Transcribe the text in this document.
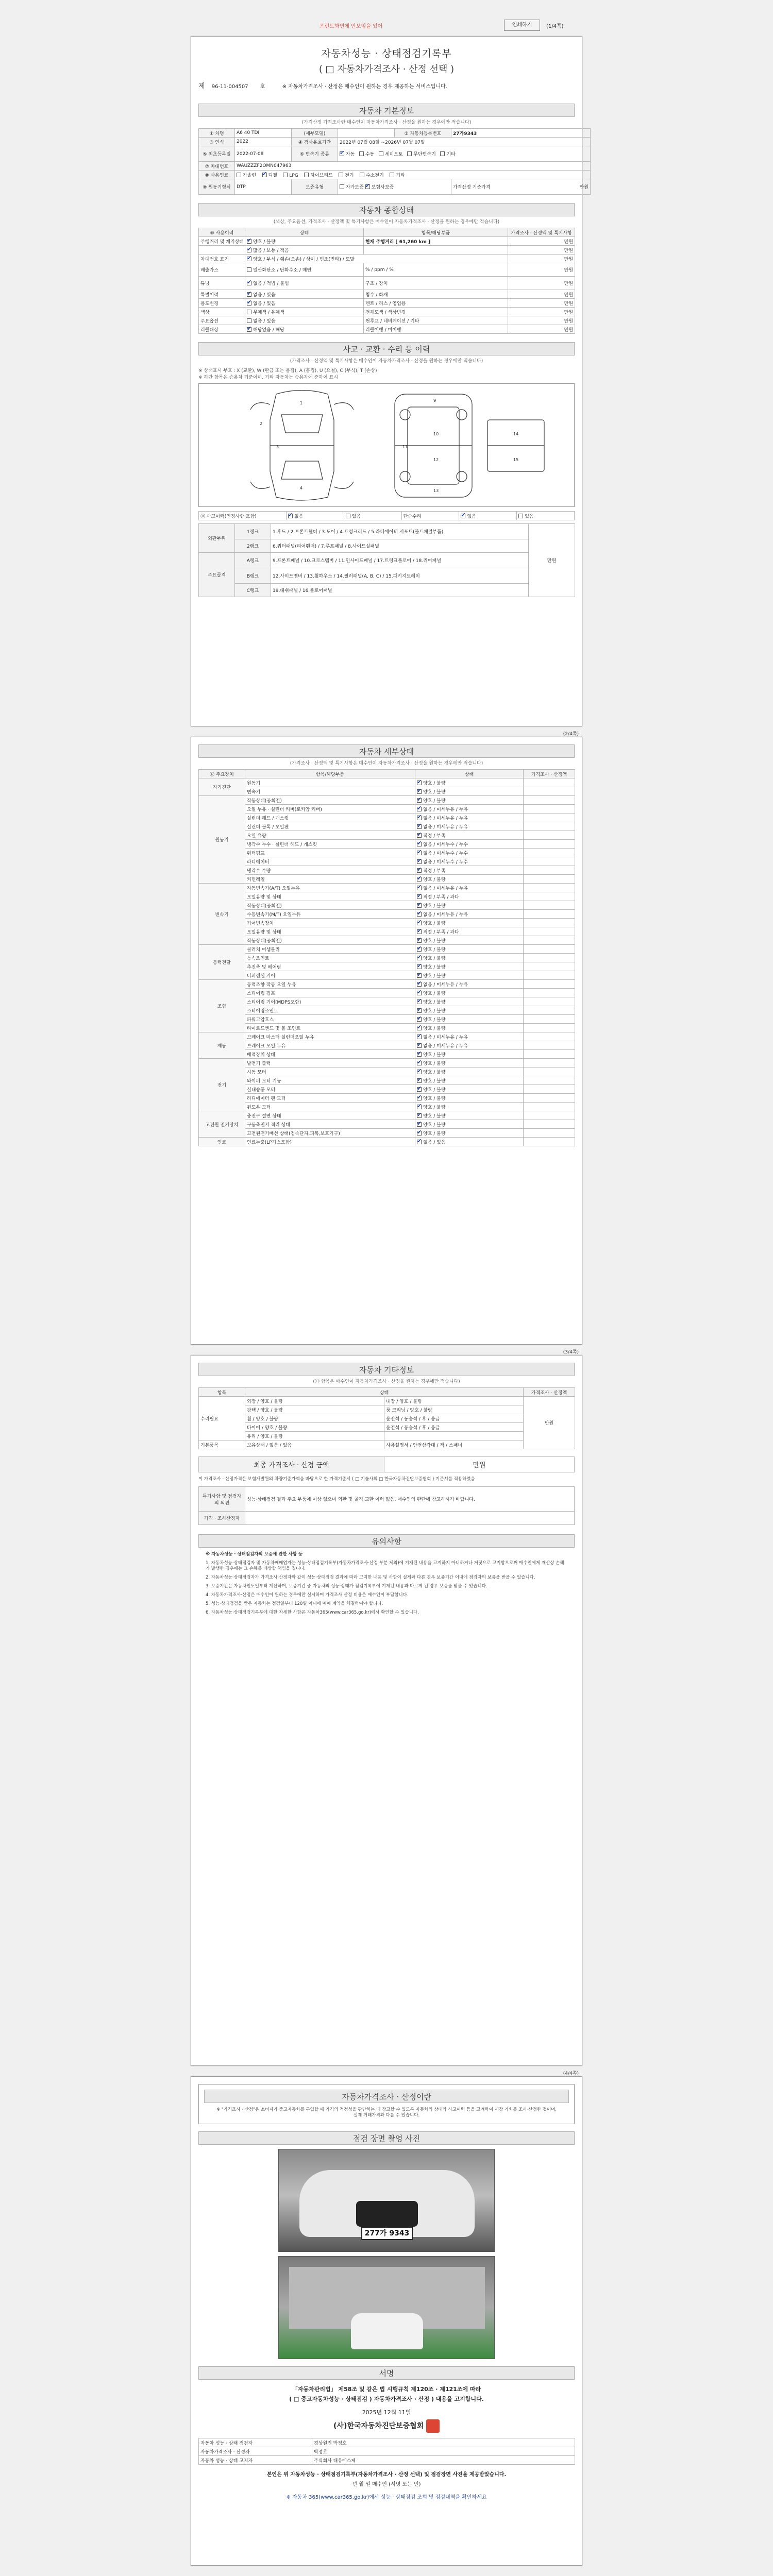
프린트화면에 안보임을 있어	인쇄하기	(1/4쪽)
자동차성능 · 상태점검기록부
( □ 자동차가격조사 · 산정 선택 )
제 96-11-004507 호	※ 자동차가격조사 · 산정은 매수인이 원하는 경우 제공하는 서비스입니다.
자동차 기본정보
(가격산정 가격조사란 매수인이 자동차가격조사 · 산정을 원하는 경우에만 적습니다)
① 차명	A6 40 TDI	(세부모델)		② 자동차등록번호	27가9343
③ 연식	2022	④ 검사유효기간	2022년 07월 08일 ~2026년 07월 07일		
⑤ 최초등록일	2022-07-08	⑥ 변속기 종류	✔자동 수동 세미오토 무단변속기 기타
⑦ 차대번호	WAUZZZF2OMN047963				
⑧ 사용연료	가솔린 ✔ 디젤 LPG 하이브리드 전기 수소전기 기타
⑨ 원동기형식	DTP	보증유형	자가보증 ✔ 보험사보증		가격산정 기준가격 만원
자동차 종합상태
(색상, 주요옵션, 가격조사 · 산정액 및 특기사항은 매수인이 자동차가격조사 · 산정을 원하는 경우에만 적습니다)
⑩ 사용이력	상태	항목/해당부품	가격조사 · 산정액 및 특기사항
주행거리 및 계기상태	✔양호 / 불량	현재 주행거리 [ 61,260 km ]	만원
	✔많음 / 보통 / 적음		만원
차대번호 표기	✔양호 / 부식 / 훼손(오손) / 상이 / 변조(변타) / 도말		만원
배출가스	일산화탄소 / 탄화수소 / 매연	% / ppm / %	만원
튜닝	✔없음 / 적법 / 불법	구조 / 장치	만원
특별이력	✔없음 / 있음	침수 / 화재	만원
용도변경	✔없음 / 있음	렌트 / 리스 / 영업용	만원
색상	무채색 / 유채색	전체도색 / 색상변경	만원
주요옵션	없음 / 있음	썬루프 / 네비게이션 / 기타	만원
리콜대상	✔해당없음 / 해당	리콜이행 / 미이행	만원
사고 · 교환 · 수리 등 이력
(가격조사 · 산정액 및 특기사항은 매수인이 자동차가격조사 · 산정을 원하는 경우에만 적습니다)
※ 상태표시 부호 : X (교환), W (판금 또는 용접), A (흠집), U (요철), C (부식), T (손상)
※ 하단 항목은 승용차 기준이며, 기타 자동차는 승용차에 준하여 표시
1
2
3
4
9
10
11
12
13
14
15
⑪ 사고이력(인정사항 포함)	✔없음	있음	단순수리	✔없음	있음
외판부위	1랭크	1.후드 / 2.프론트휀더 / 3.도어 / 4.트렁크리드 / 5.라디에이터 서포트(볼트체결부품)	만원
	2랭크	6.쿼터패널(리어휀더) / 7.루프패널 / 8.사이드실패널	
주요골격	A랭크	9.프론트패널 / 10.크로스멤버 / 11.인사이드패널 / 17.트렁크플로어 / 18.리어패널	
	B랭크	12.사이드멤버 / 13.휠하우스 / 14.필러패널(A, B, C) / 15.패키지트레이	
	C랭크	19.대쉬패널 / 16.플로어패널	
(2/4쪽)
자동차 세부상태
(가격조사 · 산정액 및 특기사항은 매수인이 자동차가격조사 · 산정을 원하는 경우에만 적습니다)
⑫ 주요장치	항목/해당부품	상태	가격조사 · 산정액
자기진단	원동기	✔양호 / 불량	
	변속기	✔양호 / 불량	
원동기	작동상태(공회전)	✔양호 / 불량	
	오일 누유 · 실린더 커버(로커암 커버)	✔없음 / 미세누유 / 누유	
	실린더 헤드 / 개스킷	✔없음 / 미세누유 / 누유	
	실린더 블록 / 오일팬	✔없음 / 미세누유 / 누유	
	오일 유량	✔적정 / 부족	
	냉각수 누수 · 실린더 헤드 / 개스킷	✔없음 / 미세누수 / 누수	
	워터펌프	✔없음 / 미세누수 / 누수	
	라디에이터	✔없음 / 미세누수 / 누수	
	냉각수 수량	✔적정 / 부족	
	커먼레일	✔양호 / 불량	
변속기	자동변속기(A/T) 오일누유	✔없음 / 미세누유 / 누유	
	오일유량 및 상태	✔적정 / 부족 / 과다	
	작동상태(공회전)	✔양호 / 불량	
	수동변속기(M/T) 오일누유	✔없음 / 미세누유 / 누유	
	기어변속장치	✔양호 / 불량	
	오일유량 및 상태	✔적정 / 부족 / 과다	
	작동상태(공회전)	✔양호 / 불량	
동력전달	클러치 어셈블리	✔양호 / 불량	
	등속조인트	✔양호 / 불량	
	추진축 및 베어링	✔양호 / 불량	
	디퍼렌셜 기어	✔양호 / 불량	
조향	동력조향 작동 오일 누유	✔없음 / 미세누유 / 누유	
	스티어링 펌프	✔양호 / 불량	
	스티어링 기어(MDPS포함)	✔양호 / 불량	
	스티어링조인트	✔양호 / 불량	
	파워고압호스	✔양호 / 불량	
	타이로드엔드 및 볼 조인트	✔양호 / 불량	
제동	브레이크 마스터 실린더오일 누유	✔없음 / 미세누유 / 누유	
	브레이크 오일 누유	✔없음 / 미세누유 / 누유	
	배력장치 상태	✔양호 / 불량	
전기	발전기 출력	✔양호 / 불량	
	시동 모터	✔양호 / 불량	
	와이퍼 모터 기능	✔양호 / 불량	
	실내송풍 모터	✔양호 / 불량	
	라디에이터 팬 모터	✔양호 / 불량	
	윈도우 모터	✔양호 / 불량	
고전원 전기장치	충전구 절연 상태	✔양호 / 불량	
	구동축전지 격리 상태	✔양호 / 불량	
	고전원전기배선 상태(접속단자,피복,보호기구)	✔양호 / 불량	
연료	연료누출(LP가스포함)	✔없음 / 있음	
(3/4쪽)
자동차 기타정보
(⑬ 항목은 매수인이 자동차가격조사 · 산정을 원하는 경우에만 적습니다)
항목	상태		가격조사 · 산정액
수리필요	외장 / 양호 / 불량	내장 / 양호 / 불량	만원
	광택 / 양호 / 불량	룸 크리닝 / 양호 / 불량	
	휠 / 양호 / 불량	운전석 / 동승석 / 후 / 응급	
	타이어 / 양호 / 불량	운전석 / 동승석 / 후 / 응급	
	유리 / 양호 / 불량		
기본품목	보유상태 / 없음 / 있음	사용설명서 / 안전삼각대 / 잭 / 스패너	
최종 가격조사 · 산정 금액	만원
이 가격조사 · 산정가격은 보험개발원의 차량기준가액을 바탕으로 한 가격기준서 ( □ 기술사회 □ 한국자동차진단보증협회 ) 기준서를 적용하였음
특기사항 및 점검자의 의견	성능·상태점검 결과 주요 부품에 이상 없으며 외판 및 골격 교환 이력 없음. 매수인의 판단에 참고하시기 바랍니다.
가격 · 조사산정자	
유의사항
※ 자동차성능 · 상태점검자의 보증에 관한 사항 등
1. 자동차성능·상태점검자 및 자동차매매업자는 성능·상태점검기록부(자동차가격조사·산정 부분 제외)에 기재된 내용을 고지하지 아니하거나 거짓으로 고지함으로써 매수인에게 재산상 손해가 발생한 경우에는 그 손해를 배상할 책임을 집니다.
2. 자동차성능·상태점검자가 가격조사·산정자와 같이 성능·상태점검 결과에 따라 고지한 내용 및 사항이 실제와 다른 경우 보증기간 이내에 점검자의 보증을 받을 수 있습니다.
3. 보증기간은 자동차인도일부터 계산하며, 보증기간 중 자동차의 성능·상태가 점검기록부에 기재된 내용과 다르게 된 경우 보증을 받을 수 있습니다.
4. 자동차가격조사·산정은 매수인이 원하는 경우에만 실시하며 가격조사·산정 비용은 매수인이 부담합니다.
5. 성능·상태점검을 받은 자동차는 점검일부터 120일 이내에 매매 계약을 체결하여야 합니다.
6. 자동차성능·상태점검기록부에 대한 자세한 사항은 자동차365(www.car365.go.kr)에서 확인할 수 있습니다.
(4/4쪽)
자동차가격조사 · 산정이란
※ "가격조사 · 산정"은 소비자가 중고자동차를 구입할 때 가격의 적정성을 판단하는 데 참고할 수 있도록 자동차의 상태와 사고이력 등을 고려하여 시장 가치를 조사·산정한 것이며, 실제 거래가격과 다를 수 있습니다.
점검 장면 촬영 사진
277가 9343
서명
「자동차관리법」 제58조 및 같은 법 시행규칙 제120조 · 제121조에 따라
( □ 중고자동차성능 · 상태점검 ) 자동차가격조사 · 산정 ) 내용을 고지합니다.
2025년 12월 11일
(사)한국자동차진단보증협회
자동차 성능 · 상태 점검자	경상원진 박정호
자동차가격조사 · 산정자	박정호
자동차 성능 · 상태 고지자	주식회사 대유에스제
본인은 위 자동차성능 · 상태점검기록부(자동차가격조사 · 산정 선택) 및 점검장면 사진을 제공받았습니다.
년 월 일 매수인 (서명 또는 인)
※ 자동차 365(www.car365.go.kr)에서 성능 · 상태점검 조회 및 점검내역을 확인하세요
